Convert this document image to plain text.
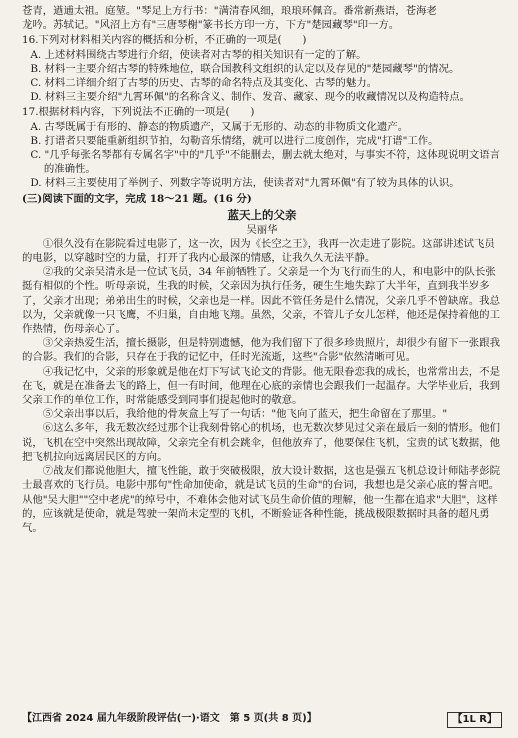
苍青，遒逋太祖。庭堃。"琴足上方行书："满清春风细，琅琅环佩音。番常新燕语，苍海老

龙吟。苏轼记。"风沼上方有"三唐琴榭"篆书长方印一方，下方"楚园藏琴"印一方。

16.下列对材料相关内容的概括和分析，不正确的一项是(　　)

A. 上述材料围绕古琴进行介绍，使读者对古琴的相关知识有一定的了解。

B. 材料一主要介绍古琴的特殊地位，联合国教科文组织的认定以及存见的"楚园藏琴"的情况。

C. 材料二详细介绍了古琴的历史、古琴的命名特点及其变化、古琴的魅力。

D. 材料三主要介绍"九霄环佩"的名称含义、制作、发音、藏家、现今的收藏情况以及构造特点。

17.根据材料内容，下列说法不正确的一项是(　　)

A. 古琴既属于有形的、静态的物质遗产，又属于无形的、动态的非物质文化遗产。

B. 打谱者只要能重新组织节拍，勾勒音乐情绪，就可以进行二度创作，完成"打谱"工作。

C. "几乎每张名琴都有专属名字"中的"几乎"不能删去，删去就太绝对，与事实不符，这体现说明文语言的准确性。

D. 材料三主要使用了举例子、列数字等说明方法，使读者对"九霄环佩"有了较为具体的认识。

(三)阅读下面的文字，完成 18～21 题。(16 分)

蓝天上的父亲

吴丽华

①很久没有在影院看过电影了，这一次，因为《长空之王》，我再一次走进了影院。这部讲述试飞员的电影，以穿越时空的力量，打开了我内心最深的情感，让我久久无法平静。

②我的父亲吴清永是一位试飞员，34 年前牺牲了。父亲是一个为飞行而生的人，和电影中的队长张挺有相似的个性。听母亲说，生我的时候，父亲因为执行任务，硬生生地失踪了大半年，直到我半岁多了，父亲才出现；弟弟出生的时候，父亲也是一样。因此不管任务是什么情况，父亲几乎不曾缺席。我总以为，父亲就像一只飞鹰，不归巢，自由地飞翔。虽然，父亲，不管儿子女儿怎样，他还是保持着他的工作热情，伤母亲心了。

③父亲热爱生活，擅长摄影，但是特别遗憾，他为我们留下了很多珍贵照片，却很少有留下一张跟我的合影。我们的合影，只存在于我的记忆中，任时光流逝，这些"合影"依然清晰可见。

④我记忆中，父亲的形象就是他在灯下写试飞论文的背影。他无限眷恋我的成长，也常常出去，不是在飞，就是在准备去飞的路上，但一有时间，他理在心底的亲情也会跟我们一起温存。大学毕业后，我到父亲工作的单位工作，时常能感受到同事们提起他时的敬意。

⑤父亲出事以后，我给他的骨灰盒上写了一句话："他飞向了蓝天，把生命留在了那里。"

⑥这么多年，我无数次经过那个让我刻骨铭心的机场，也无数次梦见过父亲在最后一刻的情形。他们说，飞机在空中突然出现故障，父亲完全有机会跳伞，但他放弃了，他要保住飞机，宝贵的试飞数据，他把飞机拉向远离居民区的方向。

⑦战友们都说他胆大，擅飞性能，敢于突破极限，放大设计数据，这也是强五飞机总设计师陆孝彭院士最喜欢的飞行员。电影中那句"性命加使命，就是试飞员的生命"的台词，我想也是父亲心底的誓言吧。从他"吴大胆""空中老虎"的绰号中，不难体会他对试飞员生命价值的理解，他一生都在追求"大胆"，这样的，应该就是使命，就是驾驶一架尚未定型的飞机，不断验证各种性能，挑战极限数据时具备的超凡勇气。

【江西省 2024 届九年级阶段评估(一)·语文　第 5 页(共 8 页)】	【1L R】
